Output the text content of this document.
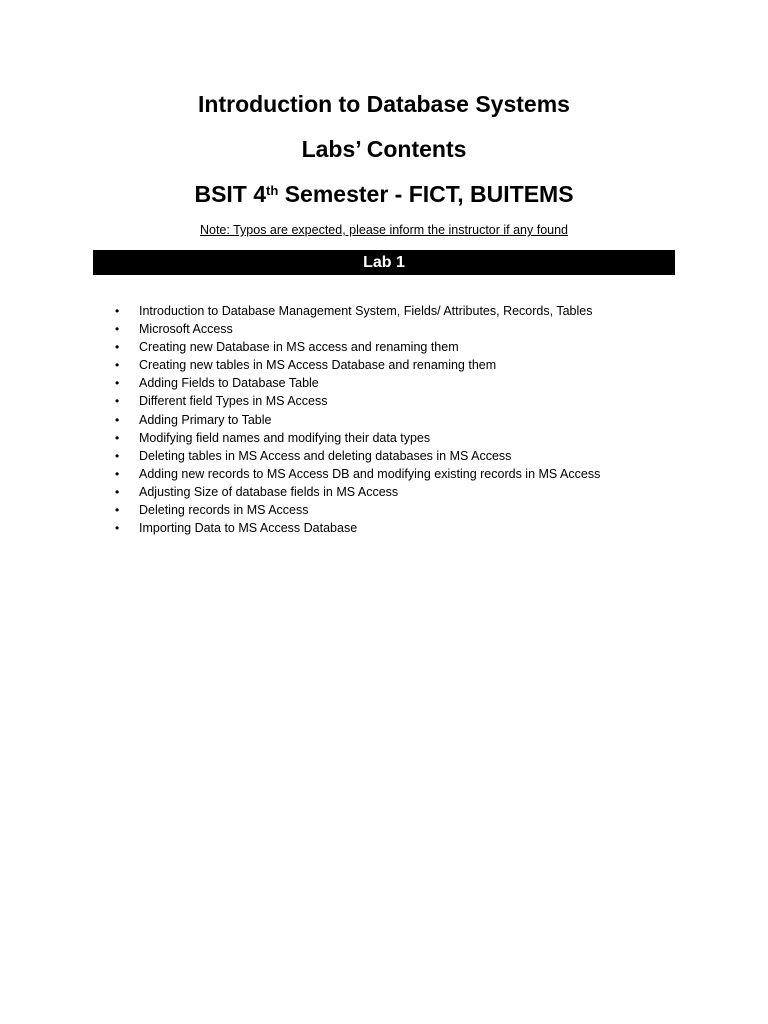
Introduction to Database Systems
Labs’ Contents
BSIT 4th Semester - FICT, BUITEMS
Note: Typos are expected, please inform the instructor if any found
Lab 1
•	Introduction to Database Management System, Fields/ Attributes, Records, Tables
•	Microsoft Access
•	Creating new Database in MS access and renaming them
•	Creating new tables in MS Access Database and renaming them
•	Adding Fields to Database Table
•	Different field Types in MS Access
•	Adding Primary to Table
•	Modifying field names and modifying their data types
•	Deleting tables in MS Access and deleting databases in MS Access
•	Adding new records to MS Access DB and modifying existing records in MS Access
•	Adjusting Size of database fields in MS Access
•	Deleting records in MS Access
•	Importing Data to MS Access Database
